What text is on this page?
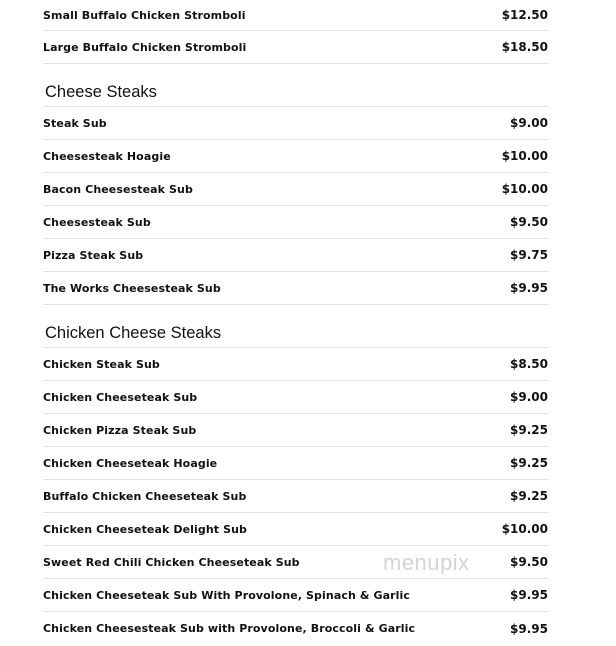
Small Buffalo Chicken Stromboli	$12.50
Large Buffalo Chicken Stromboli	$18.50
Cheese Steaks
Steak Sub	$9.00
Cheesesteak Hoagie	$10.00
Bacon Cheesesteak Sub	$10.00
Cheesesteak Sub	$9.50
Pizza Steak Sub	$9.75
The Works Cheesesteak Sub	$9.95
Chicken Cheese Steaks
Chicken Steak Sub	$8.50
Chicken Cheeseteak Sub	$9.00
Chicken Pizza Steak Sub	$9.25
Chicken Cheeseteak Hoagie	$9.25
Buffalo Chicken Cheeseteak Sub	$9.25
Chicken Cheeseteak Delight Sub	$10.00
Sweet Red Chili Chicken Cheeseteak Sub	$9.50
Chicken Cheeseteak Sub With Provolone, Spinach & Garlic	$9.95
Chicken Cheesesteak Sub with Provolone, Broccoli & Garlic	$9.95
menupix
